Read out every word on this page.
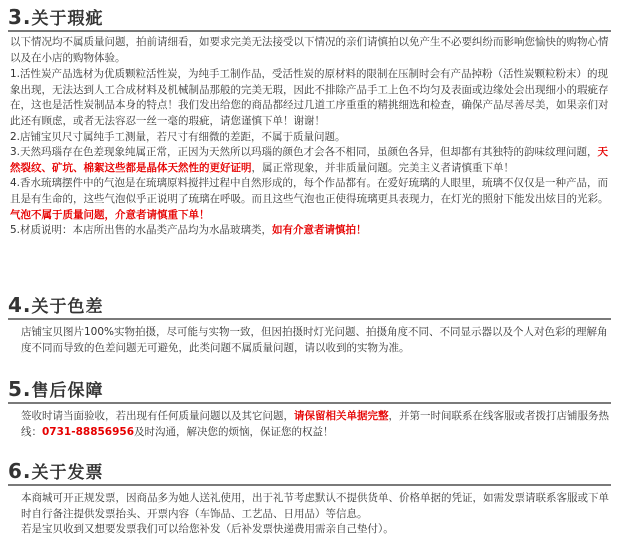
3.关于瑕疵

以下情况均不属质量问题，拍前请细看，如要求完美无法接受以下情况的亲们请慎拍以免产生不必要纠纷而影响您愉快的购物心情以及在小店的购物体验。

1.活性炭产品选材为优质颗粒活性炭，为纯手工制作品，受活性炭的原材料的限制在压制时会有产品掉粉（活性炭颗粒粉末）的现象出现，无法达到人工合成材料及机械制品那般的完美无瑕，因此不排除产品手工上色不均匀及表面或边缘处会出现细小的瑕疵存在，这也是活性炭制品本身的特点！我们发出给您的商品都经过几道工序重重的精挑细选和检查，确保产品尽善尽美，如果亲们对此还有顾虑，或者无法容忍一丝一毫的瑕疵，请您谨慎下单！谢谢！

2.店铺宝贝尺寸属纯手工测量，若尺寸有细微的差距，不属于质量问题。

3.天然玛瑙存在色差现象纯属正常，正因为天然所以玛瑙的颜色才会各不相同，虽颜色各异，但却都有其独特的韵味纹理问题，天然裂纹、矿坑、棉絮这些都是晶体天然性的更好证明，属正常现象，并非质量问题。完美主义者请慎重下单！

4.香水琉璃摆件中的气泡是在琉璃原料搅拌过程中自然形成的，每个作品都有。在爱好琉璃的人眼里，琉璃不仅仅是一种产品，而且是有生命的，这些气泡似乎正说明了琉璃在呼吸。而且这些气泡也正使得琉璃更具表现力，在灯光的照射下能发出炫目的光彩。气泡不属于质量问题，介意者请慎重下单！

5.材质说明：本店所出售的水晶类产品均为水晶玻璃类，如有介意者请慎拍！

4.关于色差

店铺宝贝图片100%实物拍摄，尽可能与实物一致，但因拍摄时灯光问题、拍摄角度不同、不同显示器以及个人对色彩的理解角度不同而导致的色差问题无可避免，此类问题不属质量问题，请以收到的实物为准。

5.售后保障

签收时请当面验收，若出现有任何质量问题以及其它问题，请保留相关单据完整，并第一时间联系在线客服或者拨打店铺服务热线：0731-88856956及时沟通，解决您的烦恼，保证您的权益！

6.关于发票

本商城可开正规发票，因商品多为她人送礼使用，出于礼节考虑默认不提供货单、价格单据的凭证，如需发票请联系客服或下单时自行备注提供发票抬头、开票内容（车饰品、工艺品、日用品）等信息。

若是宝贝收到又想要发票我们可以给您补发（后补发票快递费用需亲自己垫付）。
